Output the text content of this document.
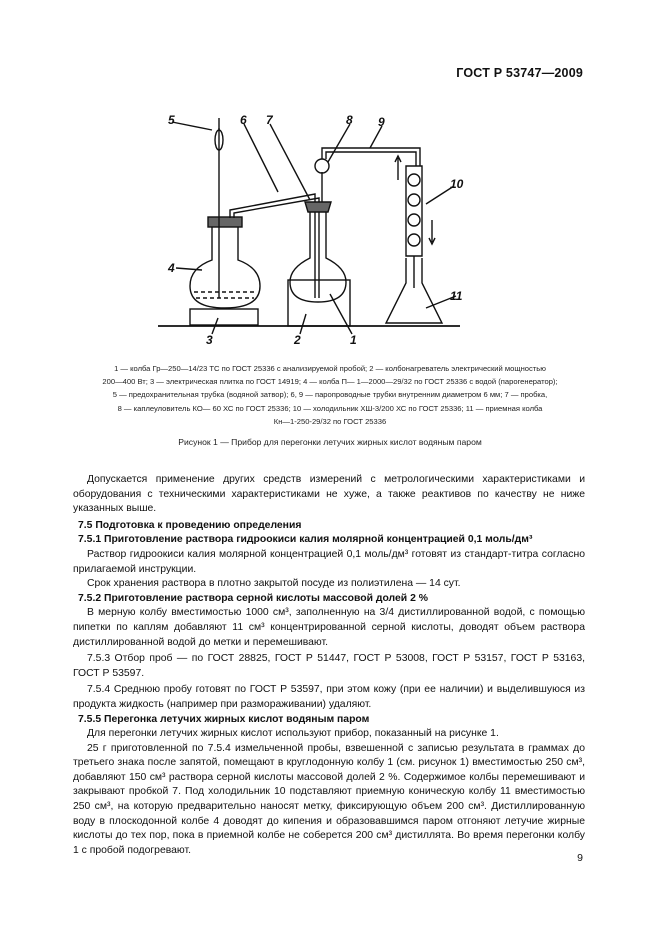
ГОСТ Р 53747—2009
5	6 7	8 9
10
11
4
3	2	1
1 — колба Гр—250—14/23 ТС по ГОСТ 25336 с анализируемой пробой; 2 — колбонагреватель электрический мощностью
200—400 Вт; 3 — электрическая плитка по ГОСТ 14919; 4 — колба П— 1—2000—29/32 по ГОСТ 25336 с водой (парогенератор);
5 — предохранительная трубка (водяной затвор); 6, 9 — паропроводные трубки внутренним диаметром 6 мм; 7 — пробка,
8 — каплеуловитель КО— 60 ХС по ГОСТ 25336; 10 — холодильник ХШ-3/200 ХС по ГОСТ 25336; 11 — приемная колба
Кн—1-250-29/32 по ГОСТ 25336
Рисунок 1 — Прибор для перегонки летучих жирных кислот водяным паром

Допускается применение других средств измерений с метрологическими характеристиками и оборудования с техническими характеристиками не хуже, а также реактивов по качеству не ниже указанных выше.

7.5 Подготовка к проведению определения

7.5.1 Приготовление раствора гидроокиси калия молярной концентрацией 0,1 моль/дм³

Раствор гидроокиси калия молярной концентрацией 0,1 моль/дм³ готовят из стандарт-титра согласно прилагаемой инструкции.

Срок хранения раствора в плотно закрытой посуде из полиэтилена — 14 сут.

7.5.2 Приготовление раствора серной кислоты массовой долей 2 %

В мерную колбу вместимостью 1000 см³, заполненную на 3/4 дистиллированной водой, с помощью пипетки по каплям добавляют 11 см³ концентрированной серной кислоты, доводят объем раствора дистиллированной водой до метки и перемешивают.

7.5.3 Отбор проб — по ГОСТ 28825, ГОСТ Р 51447, ГОСТ Р 53008, ГОСТ Р 53157, ГОСТ Р 53163, ГОСТ Р 53597.

7.5.4 Среднюю пробу готовят по ГОСТ Р 53597, при этом кожу (при ее наличии) и выделившуюся из продукта жидкость (например при размораживании) удаляют.

7.5.5 Перегонка летучих жирных кислот водяным паром

Для перегонки летучих жирных кислот используют прибор, показанный на рисунке 1.

25 г приготовленной по 7.5.4 измельченной пробы, взвешенной с записью результата в граммах до третьего знака после запятой, помещают в круглодонную колбу 1 (см. рисунок 1) вместимостью 250 см³, добавляют 150 см³ раствора серной кислоты массовой долей 2 %. Содержимое колбы перемешивают и закрывают пробкой 7. Под холодильник 10 подставляют приемную коническую колбу 11 вместимостью 250 см³, на которую предварительно наносят метку, фиксирующую объем 200 см³. Дистиллированную воду в плоскодонной колбе 4 доводят до кипения и образовавшимся паром отгоняют летучие жирные кислоты до тех пор, пока в приемной колбе не соберется 200 см³ дистиллята. Во время перегонки колбу 1 с пробой подогревают.

9
